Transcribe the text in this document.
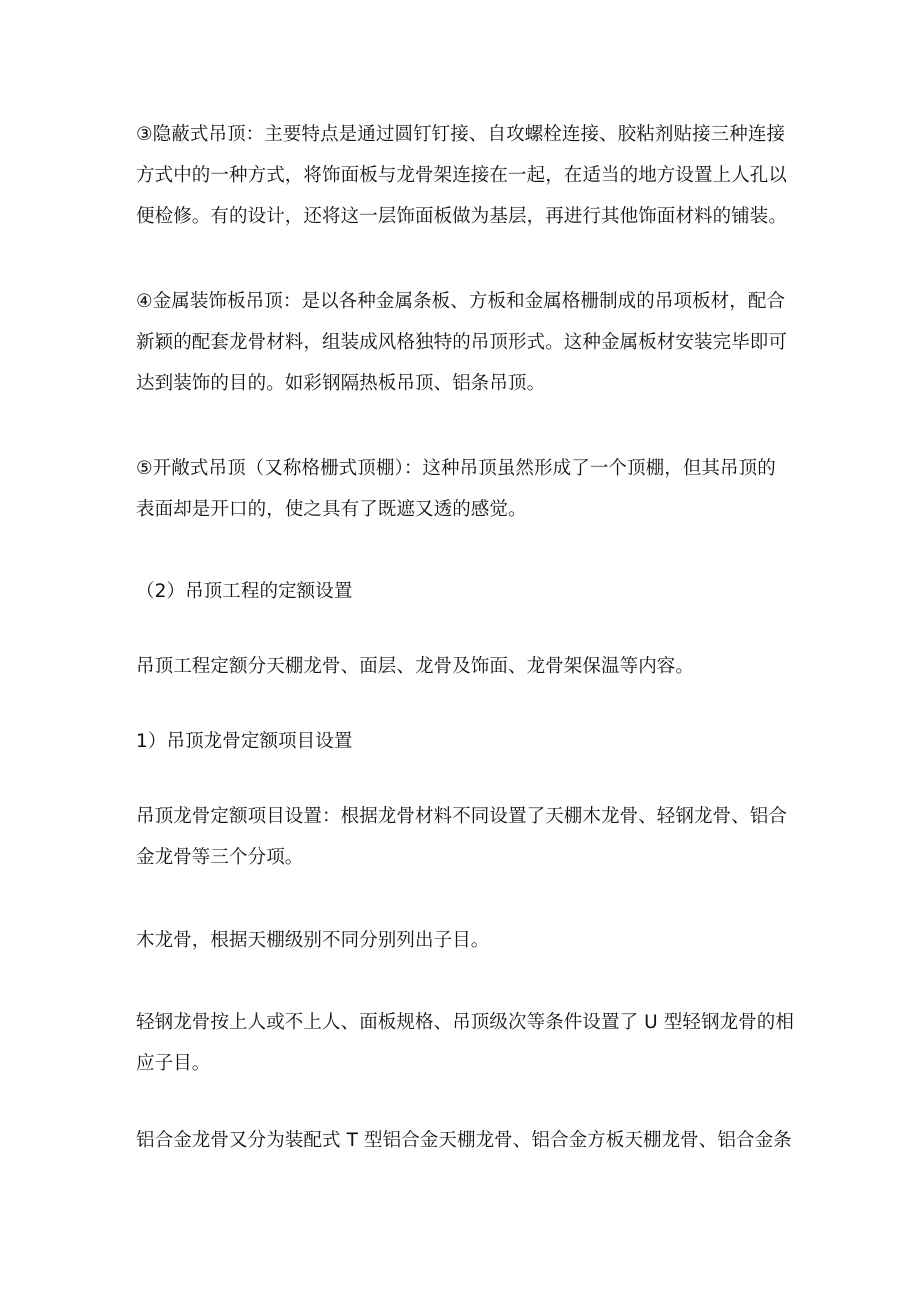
③隐蔽式吊顶：主要特点是通过圆钉钉接、自攻螺栓连接、胶粘剂贴接三种连接
方式中的一种方式，将饰面板与龙骨架连接在一起，在适当的地方设置上人孔以
便检修。有的设计，还将这一层饰面板做为基层，再进行其他饰面材料的铺装。

④金属装饰板吊顶：是以各种金属条板、方板和金属格栅制成的吊项板材，配合
新颖的配套龙骨材料，组装成风格独特的吊顶形式。这种金属板材安装完毕即可
达到装饰的目的。如彩钢隔热板吊顶、铝条吊顶。

⑤开敞式吊顶（又称格栅式顶棚）：这种吊顶虽然形成了一个顶棚，但其吊顶的
表面却是开口的，使之具有了既遮又透的感觉。

（2）吊顶工程的定额设置

吊顶工程定额分天棚龙骨、面层、龙骨及饰面、龙骨架保温等内容。

1）吊顶龙骨定额项目设置

吊顶龙骨定额项目设置：根据龙骨材料不同设置了天棚木龙骨、轻钢龙骨、铝合
金龙骨等三个分项。

木龙骨，根据天棚级别不同分别列出子目。

轻钢龙骨按上人或不上人、面板规格、吊顶级次等条件设置了 U 型轻钢龙骨的相
应子目。

铝合金龙骨又分为装配式 T 型铝合金天棚龙骨、铝合金方板天棚龙骨、铝合金条
